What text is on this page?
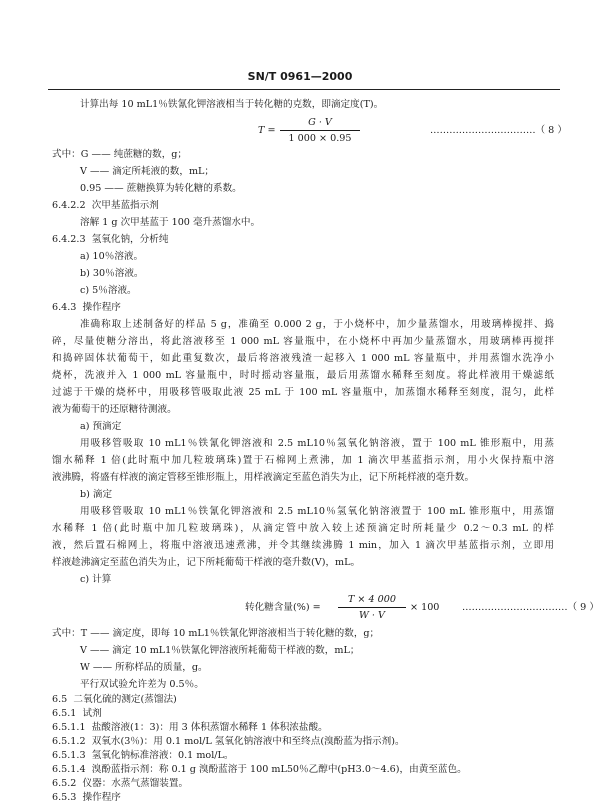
SN/T 0961—2000
计算出每 10 mL1％铁氰化钾溶液相当于转化糖的克数，即滴定度(T)。
T =
G · V
1 000 × 0.95
……………………………（ 8 ）
式中：G —— 纯蔗糖的数，g；
V —— 滴定所耗液的数，mL；
0.95 —— 蔗糖换算为转化糖的系数。
6.4.2.2 次甲基蓝指示剂
溶解 1 g 次甲基蓝于 100 毫升蒸馏水中。
6.4.2.3 氢氧化钠，分析纯
a) 10％溶液。
b) 30％溶液。
c) 5％溶液。
6.4.3 操作程序
准确称取上述制备好的样品 5 g，准确至 0.000 2 g，于小烧杯中，加少量蒸馏水，用玻璃棒搅拌、捣
碎，尽量使糖分溶出，将此溶液移至 1 000 mL 容量瓶中，在小烧杯中再加少量蒸馏水，用玻璃棒再搅拌
和捣碎固体状葡萄干，如此重复数次，最后将溶液残渣一起移入 1 000 mL 容量瓶中，并用蒸馏水洗净小
烧杯，洗液并入 1 000 mL 容量瓶中，时时摇动容量瓶，最后用蒸馏水稀释至刻度。将此样液用干燥滤纸
过滤于干燥的烧杯中，用吸移管吸取此液 25 mL 于 100 mL 容量瓶中，加蒸馏水稀释至刻度，混匀，此样
液为葡萄干的还原糖待测液。
a) 预滴定
用吸移管吸取 10 mL1％铁氰化钾溶液和 2.5 mL10％氢氧化钠溶液，置于 100 mL 锥形瓶中，用蒸
馏水稀释 1 倍(此时瓶中加几粒玻璃珠)置于石棉网上煮沸，加 1 滴次甲基蓝指示剂，用小火保持瓶中溶
液沸腾，将盛有样液的滴定管移至锥形瓶上，用样液滴定至蓝色消失为止，记下所耗样液的毫升数。
b) 滴定
用吸移管吸取 10 mL1％铁氰化钾溶液和 2.5 mL10％氢氧化钠溶液置于 100 mL 锥形瓶中，用蒸馏
水稀释 1 倍(此时瓶中加几粒玻璃珠)，从滴定管中放入较上述预滴定时所耗量少 0.2～0.3 mL 的样
液，然后置石棉网上，将瓶中溶液迅速煮沸，并令其继续沸腾 1 min，加入 1 滴次甲基蓝指示剂，立即用
样液趁沸滴定至蓝色消失为止，记下所耗葡萄干样液的毫升数(V)，mL。
c) 计算
转化糖含量(%) =
T × 4 000
W · V
× 100 ……………………………（ 9 ）
式中：T —— 滴定度，即每 10 mL1％铁氰化钾溶液相当于转化糖的数，g；
V —— 滴定 10 mL1％铁氰化钾溶液所耗葡萄干样液的数，mL；
W —— 所称样品的质量，g。
平行双试验允许差为 0.5％。
6.5 二氧化硫的测定(蒸馏法)
6.5.1 试剂
6.5.1.1 盐酸溶液(1：3)：用 3 体积蒸馏水稀释 1 体积浓盐酸。
6.5.1.2 双氧水(3％)：用 0.1 mol/L 氢氧化钠溶液中和至终点(溴酚蓝为指示剂)。
6.5.1.3 氢氧化钠标准溶液：0.1 mol/L。
6.5.1.4 溴酚蓝指示剂：称 0.1 g 溴酚蓝溶于 100 mL50％乙醇中(pH3.0～4.6)，由黄至蓝色。
6.5.2 仪器：水蒸气蒸馏装置。
6.5.3 操作程序
